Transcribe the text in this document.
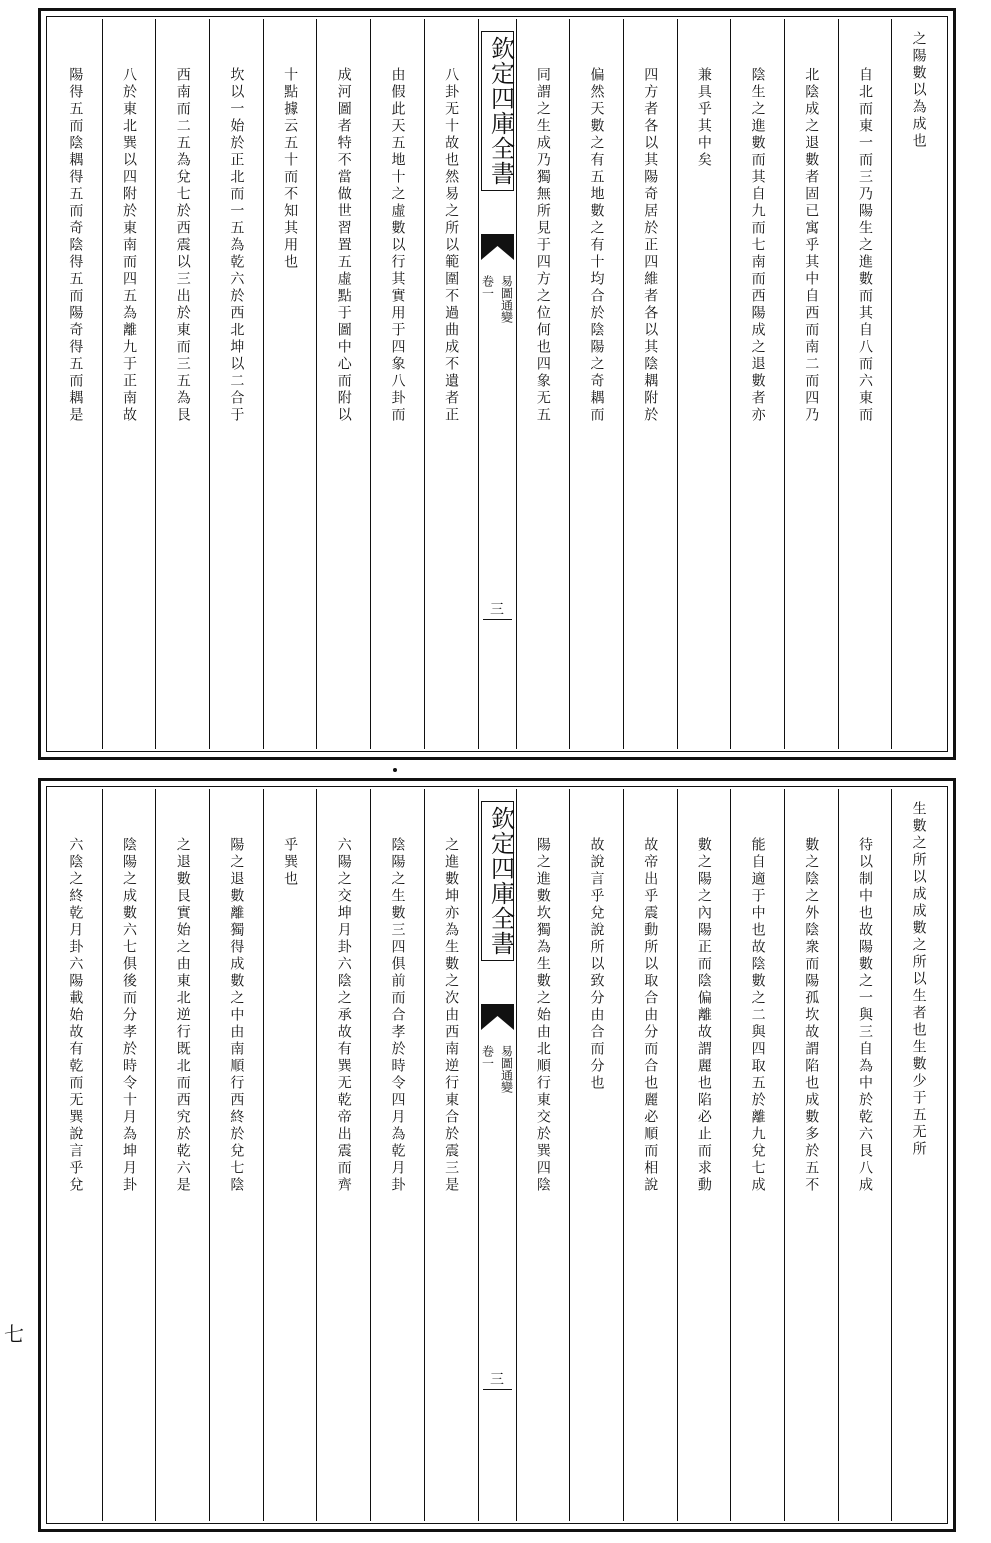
之陽數以為成也
自北而東一而三乃陽生之進數而其自八而六東而
北陰成之退數者固已寓乎其中自西而南二而四乃
陰生之進數而其自九而七南而西陽成之退數者亦
兼具乎其中矣
四方者各以其陽奇居於正四維者各以其陰耦附於
偏然天數之有五地數之有十均合於陰陽之奇耦而
同謂之生成乃獨無所見于四方之位何也四象无五
欽定四庫全書
易圖通變
卷一
三
八卦无十故也然易之所以範圍不過曲成不遺者正
由假此天五地十之虛數以行其實用于四象八卦而
成河圖者特不當做世習置五虛點于圖中心而附以
十點據云五十而不知其用也
坎以一始於正北而一五為乾六於西北坤以二合于
西南而二五為兌七於西震以三出於東而三五為艮
八於東北巽以四附於東南而四五為離九于正南故
陽得五而陰耦得五而奇陰得五而陽奇得五而耦是
生數之所以成成數之所以生者也生數少于五无所
待以制中也故陽數之一與三自為中於乾六艮八成
數之陰之外陰衆而陽孤坎故謂陷也成數多於五不
能自適于中也故陰數之二與四取五於離九兌七成
數之陽之內陽正而陰偏離故謂麗也陷必止而求動
故帝出乎震動所以取合由分而合也麗必順而相說
故說言乎兌說所以致分由合而分也
陽之進數坎獨為生數之始由北順行東交於巽四陰
欽定四庫全書
易圖通變
卷一
三
之進數坤亦為生數之次由西南逆行東合於震三是
陰陽之生數三四俱前而合孝於時令四月為乾月卦
六陽之交坤月卦六陰之承故有巽无乾帝出震而齊
乎巽也
陽之退數離獨得成數之中由南順行西終於兌七陰
之退數艮實始之由東北逆行既北而西究於乾六是
陰陽之成數六七俱後而分孝於時令十月為坤月卦
六陰之終乾月卦六陽載始故有乾而无巽說言乎兌
七
